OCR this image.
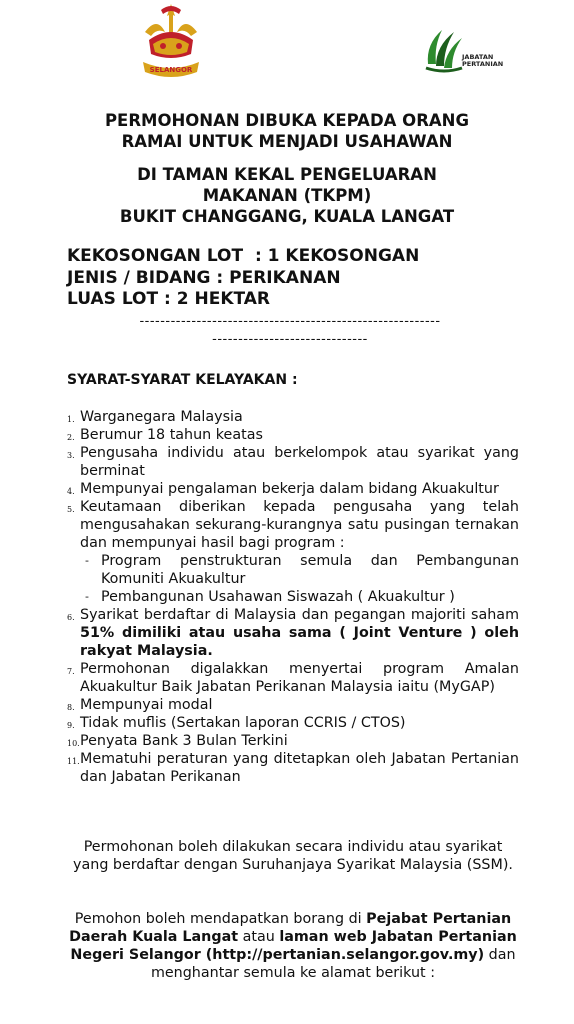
SELANGOR
JABATAN
PERTANIAN
PERMOHONAN DIBUKA KEPADA ORANG
RAMAI UNTUK MENJADI USAHAWAN
DI TAMAN KEKAL PENGELUARAN
MAKANAN (TKPM)
BUKIT CHANGGANG, KUALA LANGAT
KEKOSONGAN LOT  : 1 KEKOSONGAN
JENIS / BIDANG : PERIKANAN
LUAS LOT : 2 HEKTAR
----------------------------------------------------------
------------------------------
SYARAT-SYARAT KELAYAKAN :
1. Warganegara Malaysia
2. Berumur 18 tahun keatas
3. Pengusaha individu atau berkelompok atau syarikat yang berminat
4. Mempunyai pengalaman bekerja dalam bidang Akuakultur
5. Keutamaan diberikan kepada pengusaha yang telah mengusahakan sekurang-kurangnya satu pusingan ternakan dan mempunyai hasil bagi program :
- Program penstrukturan semula dan Pembangunan Komuniti Akuakultur
- Pembangunan Usahawan Siswazah ( Akuakultur )
6. Syarikat berdaftar di Malaysia dan pegangan majoriti saham 51% dimiliki atau usaha sama ( Joint Venture ) oleh rakyat Malaysia.
7. Permohonan digalakkan menyertai program Amalan Akuakultur Baik Jabatan Perikanan Malaysia iaitu (MyGAP)
8. Mempunyai modal
9. Tidak muflis (Sertakan laporan CCRIS / CTOS)
10. Penyata Bank 3 Bulan Terkini
11. Mematuhi peraturan yang ditetapkan oleh Jabatan Pertanian dan Jabatan Perikanan
Permohonan boleh dilakukan secara individu atau syarikat yang berdaftar dengan Suruhanjaya Syarikat Malaysia (SSM).
Pemohon boleh mendapatkan borang di Pejabat Pertanian Daerah Kuala Langat atau laman web Jabatan Pertanian Negeri Selangor (http://pertanian.selangor.gov.my) dan menghantar semula ke alamat berikut :
